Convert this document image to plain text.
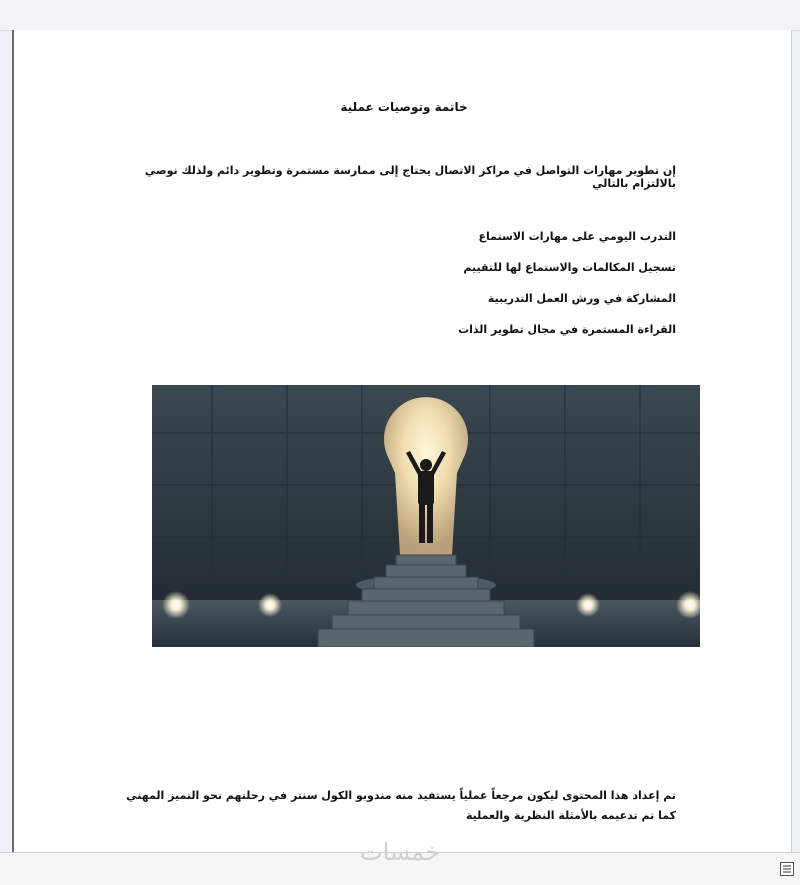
خاتمة وتوصيات عملية
إن تطوير مهارات التواصل في مراكز الاتصال يحتاج إلى ممارسة مستمرة وتطوير دائم ولذلك نوصي بالالتزام بالتالي
التدرب اليومي على مهارات الاستماع
تسجيل المكالمات والاستماع لها للتقييم
المشاركة في ورش العمل التدريبية
القراءة المستمرة في مجال تطوير الذات
تم إعداد هذا المحتوى ليكون مرجعاً عملياً يستفيد منه مندوبو الكول سنتر في رحلتهم نحو التميز المهني
كما تم تدعيمه بالأمثلة النظرية والعملية
خمسات
